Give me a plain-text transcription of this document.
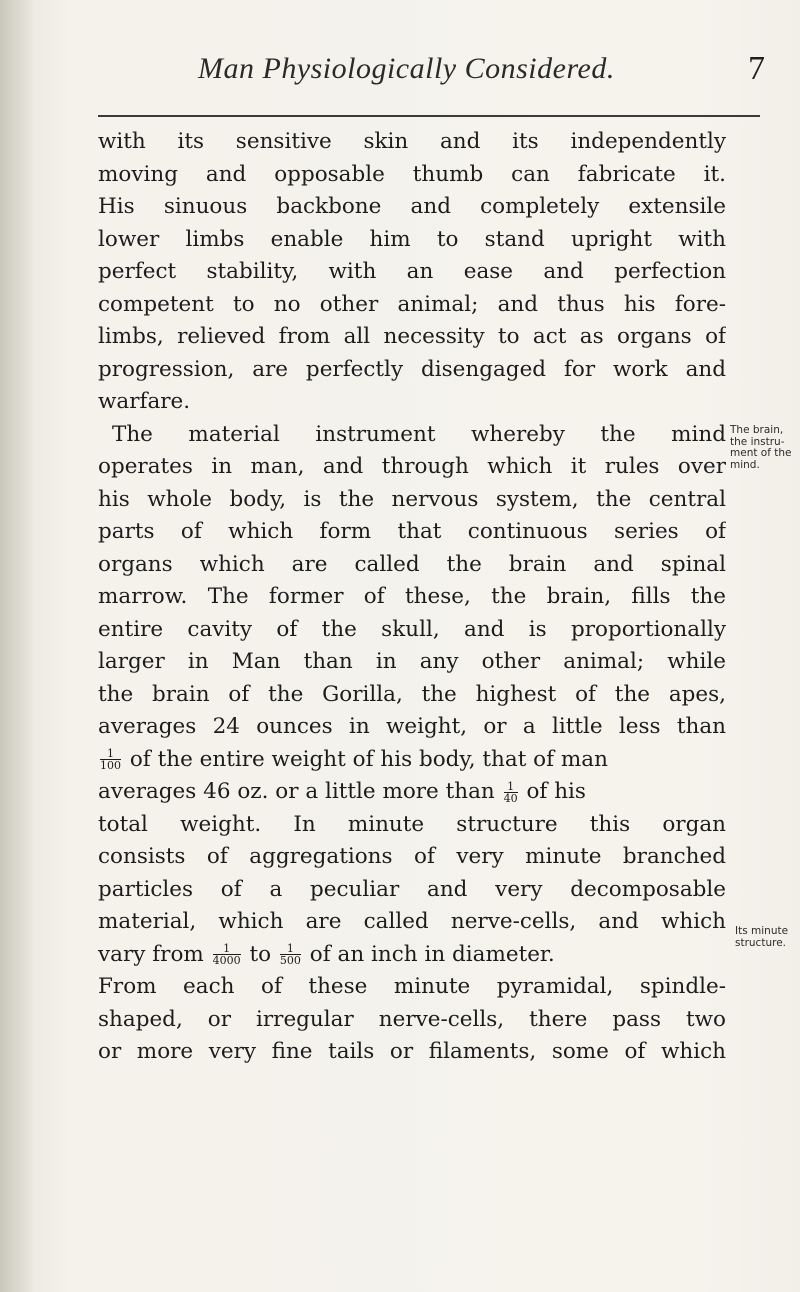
Man Physiologically Considered.	7
with its sensitive skin and its independently
moving and opposable thumb can fabricate it.
His sinuous backbone and completely extensile
lower limbs enable him to stand upright with
perfect stability, with an ease and perfection
competent to no other animal; and thus his fore-
limbs, relieved from all necessity to act as organs of
progression, are perfectly disengaged for work and
warfare.
The material instrument whereby the mind
operates in man, and through which it rules over
his whole body, is the nervous system, the central
parts of which form that continuous series of
organs which are called the brain and spinal
marrow. The former of these, the brain, fills the
entire cavity of the skull, and is proportionally
larger in Man than in any other animal; while
the brain of the Gorilla, the highest of the apes,
averages 24 ounces in weight, or a little less than
$\frac{1}{100}$ of the entire weight of his body, that of man
averages 46 oz. or a little more than $\frac{1}{40}$ of his
total weight. In minute structure this organ
consists of aggregations of very minute branched
particles of a peculiar and very decomposable
material, which are called nerve-cells, and which
vary from $\frac{1}{4000}$ to $\frac{1}{500}$ of an inch in diameter.
From each of these minute pyramidal, spindle-
shaped, or irregular nerve-cells, there pass two
or more very fine tails or filaments, some of which
The brain,
the instru-
ment of the
mind.
Its minute
structure.
